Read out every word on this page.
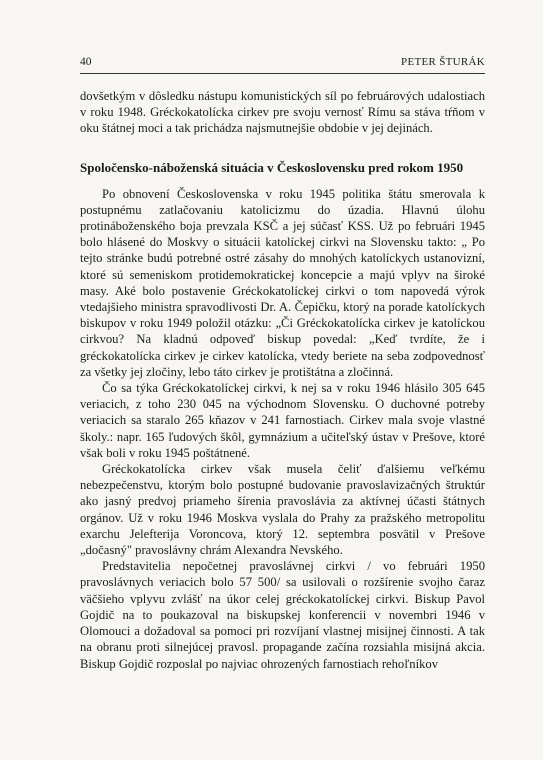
40	PETER ŠTURÁK

dovšetkým v dôsledku nástupu komunistických síl po februárových udalostiach v roku 1948. Gréckokatolícka cirkev pre svoju vernosť Rímu sa stáva tŕňom v oku štátnej moci a tak prichádza najsmutnejšie obdobie v jej dejinách.

Spoločensko-náboženská situácia v Československu pred rokom 1950

Po obnovení Československa v roku 1945 politika štátu smerovala k postupnému zatlačovaniu katolicizmu do úzadia. Hlavnú úlohu protináboženského boja prevzala KSČ a jej súčasť KSS. Už po februári 1945 bolo hlásené do Moskvy o situácii katolíckej cirkvi na Slovensku takto: „ Po tejto stránke budú potrebné ostré zásahy do mnohých katolíckych ustanovizní, ktoré sú semeniskom protidemokratickej koncepcie a majú vplyv na široké masy. Aké bolo postavenie Gréckokatolíckej cirkvi o tom napovedá výrok vtedajšieho ministra spravodlivosti Dr. A. Čepičku, ktorý na porade katolíckych biskupov v roku 1949 položil otázku: „Či Gréckokatolícka cirkev je katolíckou cirkvou? Na kladnú odpoveď biskup povedal: „Keď tvrdíte, že i gréckokatolícka cirkev je cirkev katolícka, vtedy beriete na seba zodpovednosť za všetky jej zločiny, lebo táto cirkev je protištátna a zločinná.

Čo sa týka Gréckokatolíckej cirkvi, k nej sa v roku 1946 hlásilo 305 645 veriacich, z toho 230 045 na východnom Slovensku. O duchovné potreby veriacich sa staralo 265 kňazov v 241 farnostiach. Cirkev mala svoje vlastné školy.: napr. 165 ľudových škôl, gymnázium a učiteľský ústav v Prešove, ktoré však boli v roku 1945 poštátnené.

Gréckokatolícka cirkev však musela čeliť ďalšiemu veľkému nebezpečenstvu, ktorým bolo postupné budovanie pravoslavizačných štruktúr ako jasný predvoj priameho šírenia pravoslávia za aktívnej účasti štátnych orgánov. Už v roku 1946 Moskva vyslala do Prahy za pražského metropolitu exarchu Jelefterija Voroncova, ktorý 12. septembra posvätil v Prešove „dočasný" pravoslávny chrám Alexandra Nevského.

Predstavitelia nepočetnej pravoslávnej cirkvi / vo februári 1950 pravoslávnych veriacich bolo 57 500/ sa usilovali o rozšírenie svojho čaraz väčšieho vplyvu zvlášť na úkor celej gréckokatolíckej cirkvi. Biskup Pavol Gojdič na to poukazoval na biskupskej konferencii v novembri 1946 v Olomouci a dožadoval sa pomoci pri rozvíjaní vlastnej misijnej činnosti. A tak na obranu proti silnejúcej pravosl. propagande začína rozsiahla misijná akcia. Biskup Gojdič rozposlal po najviac ohrozených farnostiach rehoľníkov
